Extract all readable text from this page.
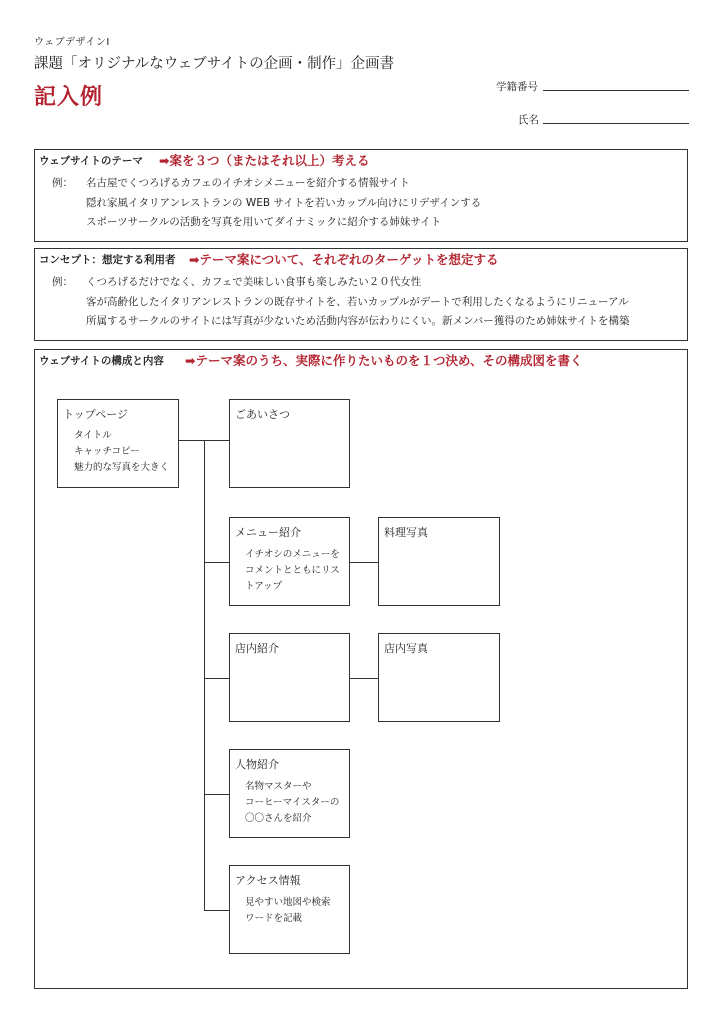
ウェブデザインⅠ
課題「オリジナルなウェブサイトの企画・制作」企画書
記入例	学籍番号
氏名
ウェブサイトのテーマ ➡案を３つ（またはそれ以上）考える
例： 名古屋でくつろげるカフェのイチオシメニューを紹介する情報サイト
隠れ家風イタリアンレストランの WEB サイトを若いカップル向けにリデザインする
スポーツサークルの活動を写真を用いてダイナミックに紹介する姉妹サイト
コンセプト：想定する利用者 ➡テーマ案について、それぞれのターゲットを想定する
例： くつろげるだけでなく、カフェで美味しい食事も楽しみたい２０代女性
客が高齢化したイタリアンレストランの既存サイトを、若いカップルがデートで利用したくなるようにリニューアル
所属するサークルのサイトには写真が少ないため活動内容が伝わりにくい。新メンバー獲得のため姉妹サイトを構築
ウェブサイトの構成と内容 ➡テーマ案のうち、実際に作りたいものを１つ決め、その構成図を書く
トップページ
タイトル
キャッチコピー
魅力的な写真を大きく
ごあいさつ
メニュー紹介
イチオシのメニューを
コメントとともにリス
トアップ
料理写真
店内紹介	店内写真
人物紹介
名物マスターや
コーヒーマイスターの
〇〇さんを紹介
アクセス情報
見やすい地図や検索
ワードを記載
